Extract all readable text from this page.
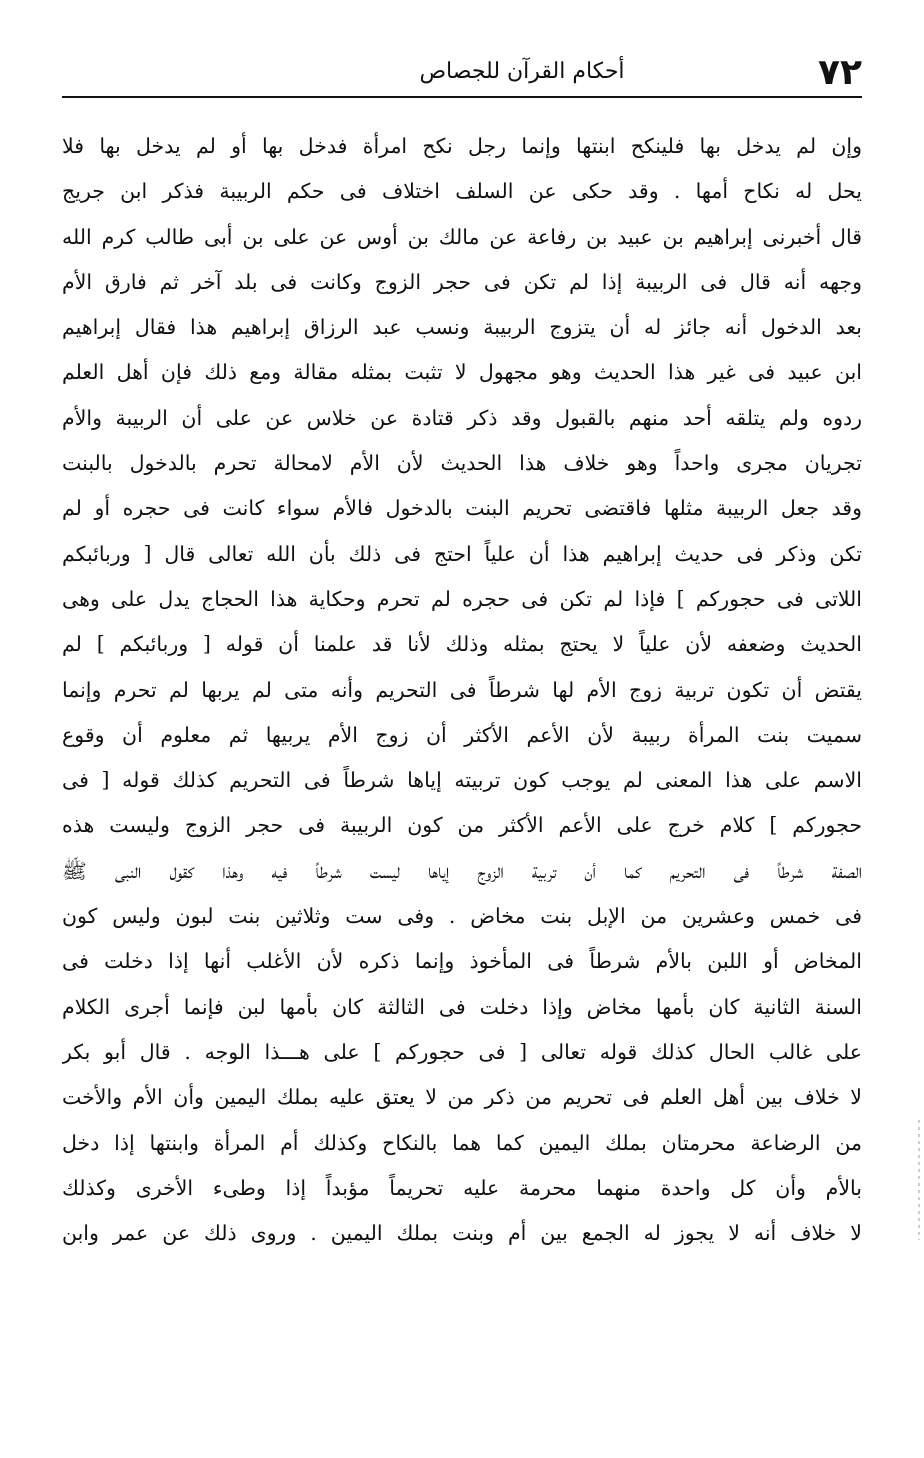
٧٢
أحكام القرآن للجصاص
وإن لم يدخل بها فلينكح ابنتها وإنما رجل نكح امرأة فدخل بها أو لم يدخل بها فلا
يحل له نكاح أمها . وقد حكى عن السلف اختلاف فى حكم الربيبة فذكر ابن جريج
قال أخبرنى إبراهيم بن عبيد بن رفاعة عن مالك بن أوس عن على بن أبى طالب كرم الله
وجهه أنه قال فى الربيبة إذا لم تكن فى حجر الزوج وكانت فى بلد آخر ثم فارق الأم
بعد الدخول أنه جائز له أن يتزوج الربيبة ونسب عبد الرزاق إبراهيم هذا فقال إبراهيم
ابن عبيد فى غير هذا الحديث وهو مجهول لا تثبت بمثله مقالة ومع ذلك فإن أهل العلم
ردوه ولم يتلقه أحد منهم بالقبول وقد ذكر قتادة عن خلاس عن على أن الربيبة والأم
تجريان مجرى واحداً وهو خلاف هذا الحديث لأن الأم لامحالة تحرم بالدخول بالبنت
وقد جعل الربيبة مثلها فاقتضى تحريم البنت بالدخول فالأم سواء كانت فى حجره أو لم
تكن وذكر فى حديث إبراهيم هذا أن علياً احتج فى ذلك بأن الله تعالى قال [ وربائبكم
اللاتى فى حجوركم ] فإذا لم تكن فى حجره لم تحرم وحكاية هذا الحجاج يدل على وهى
الحديث وضعفه لأن علياً لا يحتج بمثله وذلك لأنا قد علمنا أن قوله [ وربائبكم ] لم
يقتض أن تكون تربية زوج الأم لها شرطاً فى التحريم وأنه متى لم يربها لم تحرم وإنما
سميت بنت المرأة ربيبة لأن الأعم الأكثر أن زوج الأم يربيها ثم معلوم أن وقوع
الاسم على هذا المعنى لم يوجب كون تربيته إياها شرطاً فى التحريم كذلك قوله [ فى
حجوركم ] كلام خرج على الأعم الأكثر من كون الربيبة فى حجر الزوج وليست هذه
الصفة شرطاً فى التحريم كما أن تربية الزوج إياها ليست شرطاً فيه وهذا كقول النبى ﷺ
فى خمس وعشرين من الإبل بنت مخاض . وفى ست وثلاثين بنت لبون وليس كون
المخاض أو اللبن بالأم شرطاً فى المأخوذ وإنما ذكره لأن الأغلب أنها إذا دخلت فى
السنة الثانية كان بأمها مخاض وإذا دخلت فى الثالثة كان بأمها لبن فإنما أجرى الكلام
على غالب الحال كذلك قوله تعالى [ فى حجوركم ] على هـــذا الوجه . قال أبو بكر
لا خلاف بين أهل العلم فى تحريم من ذكر من لا يعتق عليه بملك اليمين وأن الأم والأخت
من الرضاعة محرمتان بملك اليمين كما هما بالنكاح وكذلك أم المرأة وابنتها إذا دخل
بالأم وأن كل واحدة منهما محرمة عليه تحريماً مؤبداً إذا وطىء الأخرى وكذلك
لا خلاف أنه لا يجوز له الجمع بين أم وبنت بملك اليمين . وروى ذلك عن عمر وابن
